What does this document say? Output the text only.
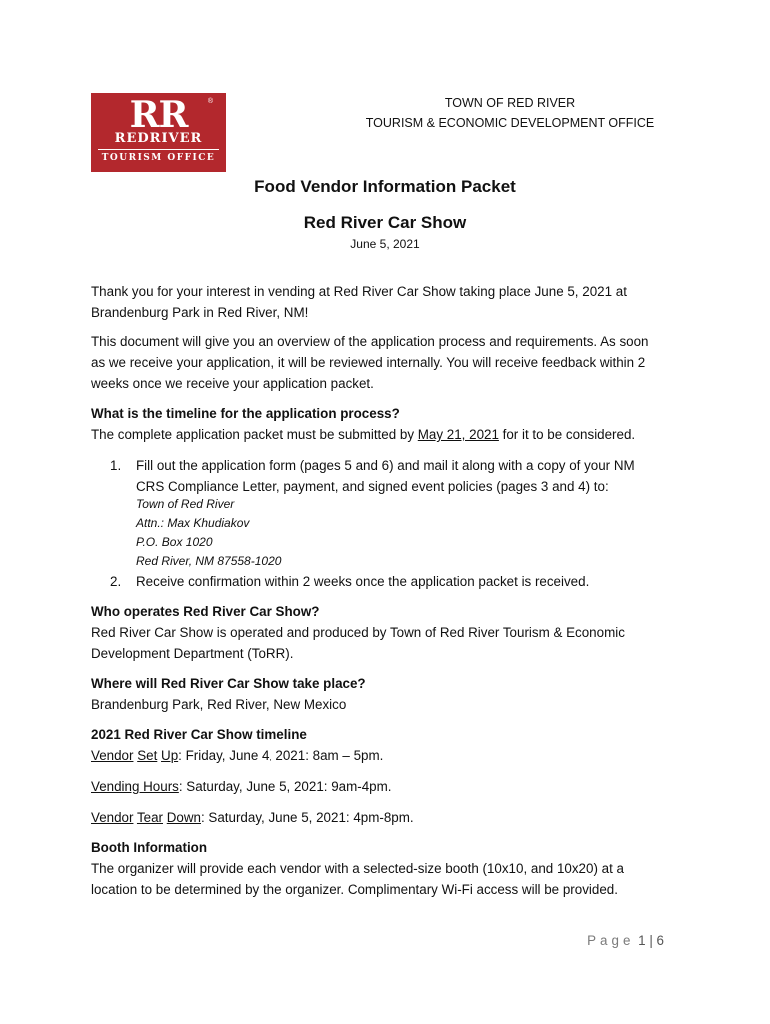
RR	®
REDRIVER
TOURISM OFFICE
TOWN OF RED RIVER
TOURISM & ECONOMIC DEVELOPMENT OFFICE
Food Vendor Information Packet
Red River Car Show
June 5, 2021
Thank you for your interest in vending at Red River Car Show taking place June 5, 2021 at
Brandenburg Park in Red River, NM!
This document will give you an overview of the application process and requirements. As soon
as we receive your application, it will be reviewed internally. You will receive feedback within 2
weeks once we receive your application packet.
What is the timeline for the application process?
The complete application packet must be submitted by May 21, 2021 for it to be considered.
1. Fill out the application form (pages 5 and 6) and mail it along with a copy of your NM
CRS Compliance Letter, payment, and signed event policies (pages 3 and 4) to:
Town of Red River
Attn.: Max Khudiakov
P.O. Box 1020
Red River, NM 87558-1020
2. Receive confirmation within 2 weeks once the application packet is received.
Who operates Red River Car Show?
Red River Car Show is operated and produced by Town of Red River Tourism & Economic
Development Department (ToRR).
Where will Red River Car Show take place?
Brandenburg Park, Red River, New Mexico
2021 Red River Car Show timeline
Vendor Set Up: Friday, June 4, 2021: 8am – 5pm.
Vending Hours: Saturday, June 5, 2021: 9am-4pm.
Vendor Tear Down: Saturday, June 5, 2021: 4pm-8pm.
Booth Information
The organizer will provide each vendor with a selected-size booth (10x10, and 10x20) at a
location to be determined by the organizer. Complimentary Wi-Fi access will be provided.
Page 1 | 6
